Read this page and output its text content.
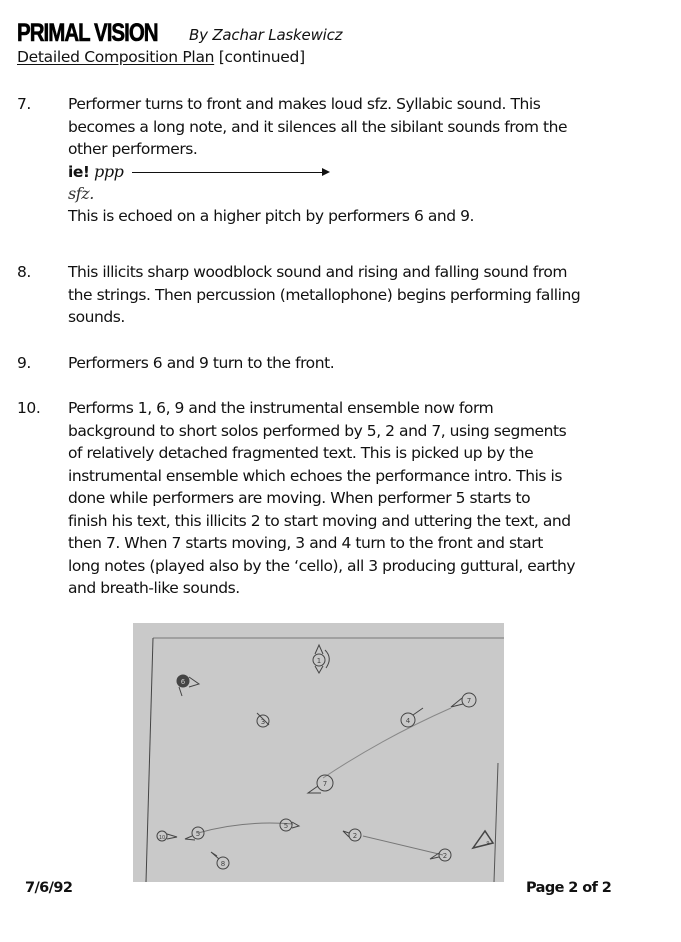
PRIMAL VISION	By Zachar Laskewicz
Detailed Composition Plan [continued]
7. Performer turns to front and makes loud sfz. Syllabic sound. This

becomes a long note, and it silences all the sibilant sounds from the

other performers.

ie! ppp
sfz.

This is echoed on a higher pitch by performers 6 and 9.

8. This illicits sharp woodblock sound and rising and falling sound from

the strings. Then percussion (metallophone) begins performing falling

sounds.

9. Performers 6 and 9 turn to the front.

10. Performs 1, 6, 9 and the instrumental ensemble now form

background to short solos performed by 5, 2 and 7, using segments

of relatively detached fragmented text. This is picked up by the

instrumental ensemble which echoes the performance intro. This is

done while performers are moving. When performer 5 starts to

finish his text, this illicits 2 to start moving and uttering the text, and

then 7. When 7 starts moving, 3 and 4 turn to the front and start

long notes (played also by the ‘cello), all 3 producing guttural, earthy

and breath-like sounds.

1
3	4
7
7
10	5
5
8
2
2
9
6
7/6/92	Page 2 of 2
